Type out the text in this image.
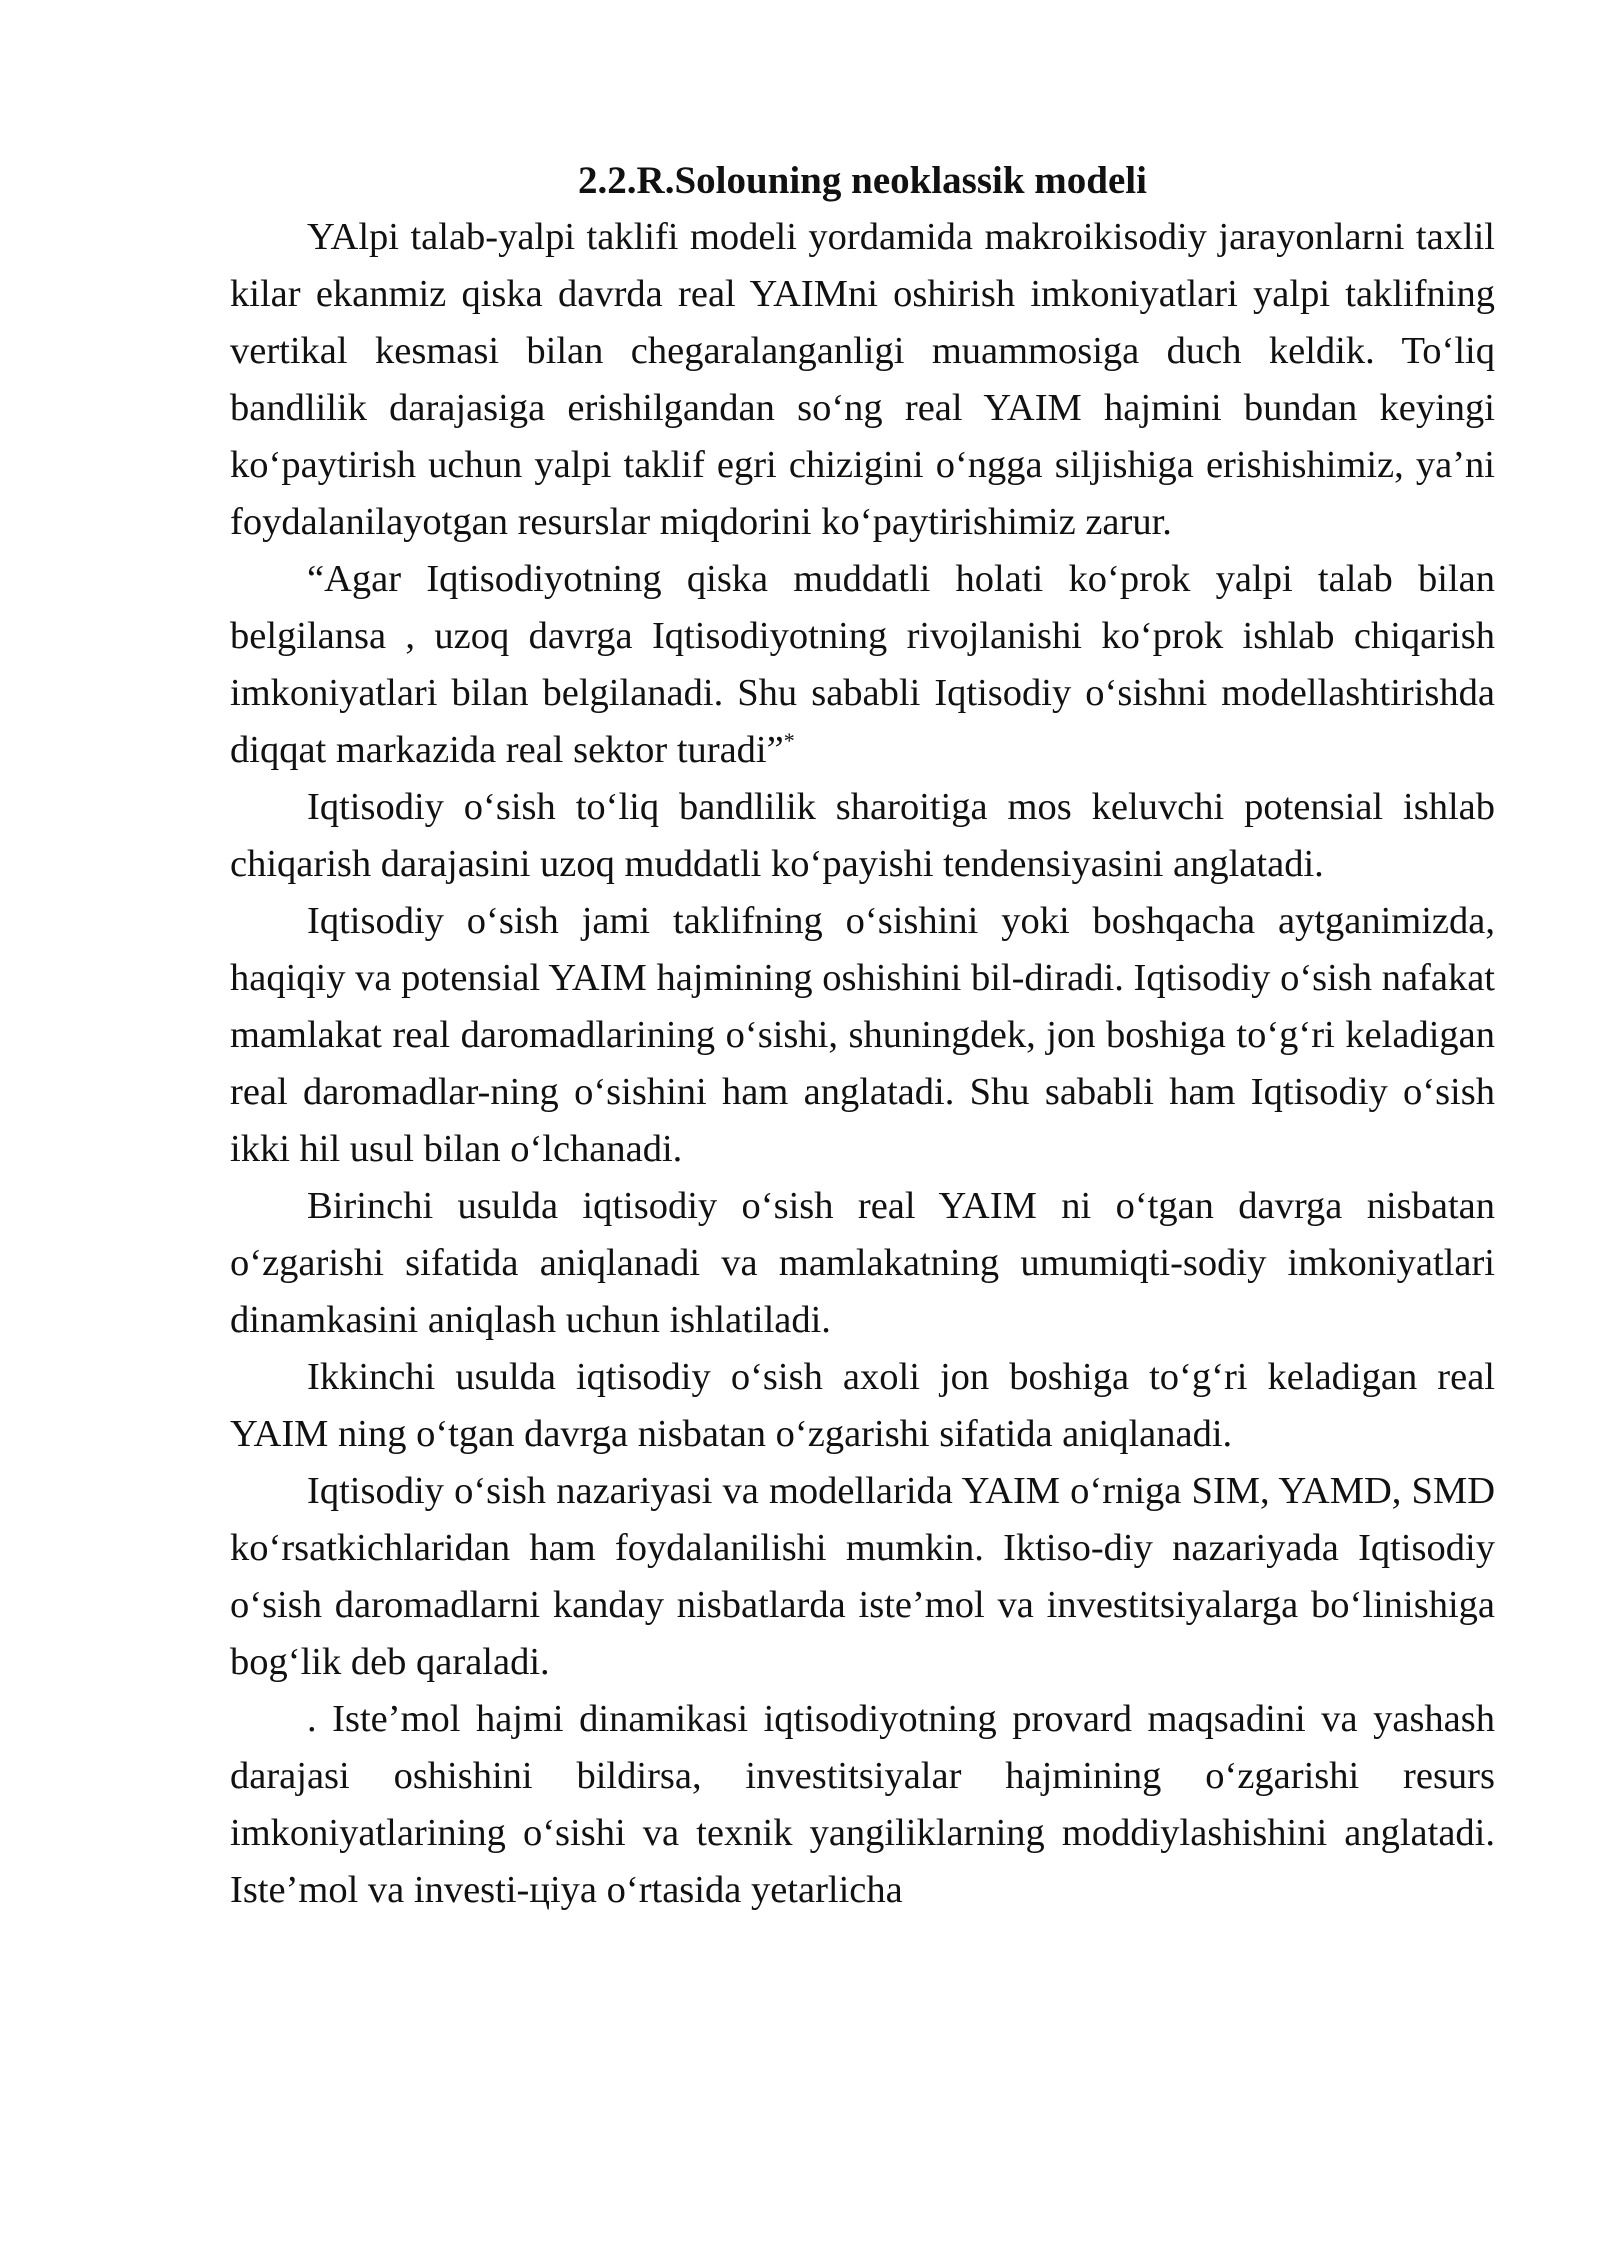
2.2.R.Solouning neoklassik modeli

YAlpi talab-yalpi taklifi modeli yordamida makroikisodiy jarayonlarni taxlil kilar ekanmiz qiska davrda real YAIMni oshirish imkoniyatlari yalpi taklifning vertikal kesmasi bilan chegaralanganligi muammosiga duch keldik. To‘liq bandlilik darajasiga erishilgandan so‘ng real YAIM hajmini bundan keyingi ko‘paytirish uchun yalpi taklif egri chizigini o‘ngga siljishiga erishishimiz, ya’ni foydalanilayotgan resurslar miqdorini ko‘paytirishimiz zarur.

“Agar Iqtisodiyotning qiska muddatli holati ko‘prok yalpi talab bilan belgilansa , uzoq davrga Iqtisodiyotning rivojlanishi ko‘prok ishlab chiqarish imkoniyatlari bilan belgilanadi. Shu sababli Iqtisodiy o‘sishni modellashtirishda diqqat markazida real sektor turadi”*

Iqtisodiy o‘sish to‘liq bandlilik sharoitiga mos keluvchi potensial ishlab chiqarish darajasini uzoq muddatli ko‘payishi tendensiyasini anglatadi.

Iqtisodiy o‘sish jami taklifning o‘sishini yoki boshqacha aytganimizda, haqiqiy va potensial YAIM hajmining oshishini bil-diradi. Iqtisodiy o‘sish nafakat mamlakat real daromadlarining o‘sishi, shuningdek, jon boshiga to‘g‘ri keladigan real daromadlar-ning o‘sishini ham anglatadi. Shu sababli ham Iqtisodiy o‘sish ikki hil usul bilan o‘lchanadi.

Birinchi usulda iqtisodiy o‘sish real YAIM ni o‘tgan davrga nisbatan o‘zgarishi sifatida aniqlanadi va mamlakatning umumiqti-sodiy imkoniyatlari dinamkasini aniqlash uchun ishlatiladi.

Ikkinchi usulda iqtisodiy o‘sish axoli jon boshiga to‘g‘ri keladigan real YAIM ning o‘tgan davrga nisbatan o‘zgarishi sifatida aniqlanadi.

Iqtisodiy o‘sish nazariyasi va modellarida YAIM o‘rniga SIM, YAMD, SMD ko‘rsatkichlaridan ham foydalanilishi mumkin. Iktiso-diy nazariyada Iqtisodiy o‘sish daromadlarni kanday nisbatlarda iste’mol va investitsiyalarga bo‘linishiga bog‘lik deb qaraladi.

. Iste’mol hajmi dinamikasi iqtisodiyotning provard maqsadini va yashash darajasi oshishini bildirsa, investitsiyalar hajmining o‘zgarishi resurs imkoniyatlarining o‘sishi va texnik yangiliklarning moddiylashishini anglatadi. Iste’mol va investi-цiya o‘rtasida yetarlicha
